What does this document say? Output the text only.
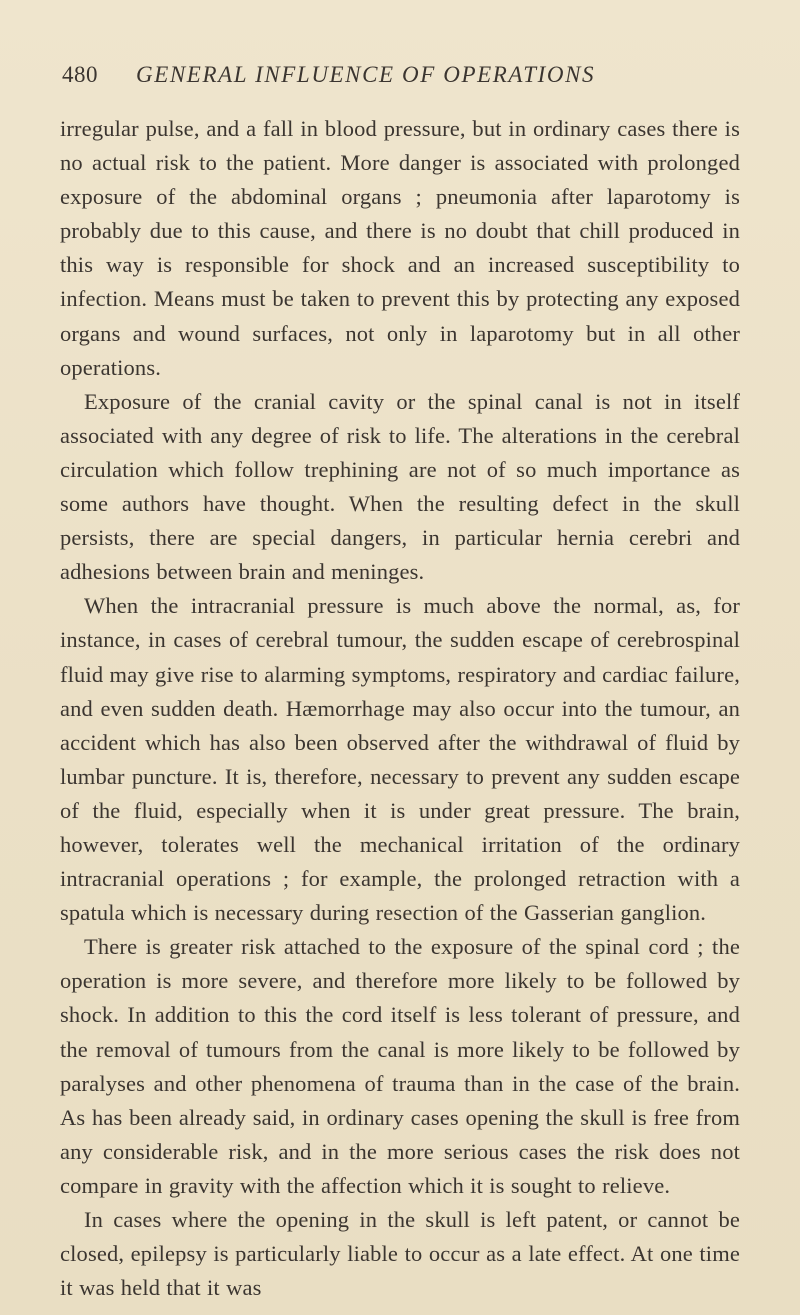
480	GENERAL INFLUENCE OF OPERATIONS

irregular pulse, and a fall in blood pressure, but in ordinary cases there is no actual risk to the patient. More danger is associated with prolonged exposure of the abdominal organs ; pneumonia after laparotomy is probably due to this cause, and there is no doubt that chill produced in this way is responsible for shock and an increased susceptibility to infection. Means must be taken to prevent this by protecting any exposed organs and wound surfaces, not only in laparotomy but in all other operations.

Exposure of the cranial cavity or the spinal canal is not in itself associated with any degree of risk to life. The alterations in the cerebral circulation which follow trephining are not of so much importance as some authors have thought. When the resulting defect in the skull persists, there are special dangers, in particular hernia cerebri and adhesions between brain and meninges.

When the intracranial pressure is much above the normal, as, for instance, in cases of cerebral tumour, the sudden escape of cerebrospinal fluid may give rise to alarming symptoms, respiratory and cardiac failure, and even sudden death. Hæmorrhage may also occur into the tumour, an accident which has also been observed after the withdrawal of fluid by lumbar puncture. It is, therefore, necessary to prevent any sudden escape of the fluid, especially when it is under great pressure. The brain, however, tolerates well the mechanical irritation of the ordinary intracranial operations ; for example, the prolonged retraction with a spatula which is necessary during resection of the Gasserian ganglion.

There is greater risk attached to the exposure of the spinal cord ; the operation is more severe, and therefore more likely to be followed by shock. In addition to this the cord itself is less tolerant of pressure, and the removal of tumours from the canal is more likely to be followed by paralyses and other phenomena of trauma than in the case of the brain. As has been already said, in ordinary cases opening the skull is free from any considerable risk, and in the more serious cases the risk does not compare in gravity with the affection which it is sought to relieve.

In cases where the opening in the skull is left patent, or cannot be closed, epilepsy is particularly liable to occur as a late effect. At one time it was held that it was
